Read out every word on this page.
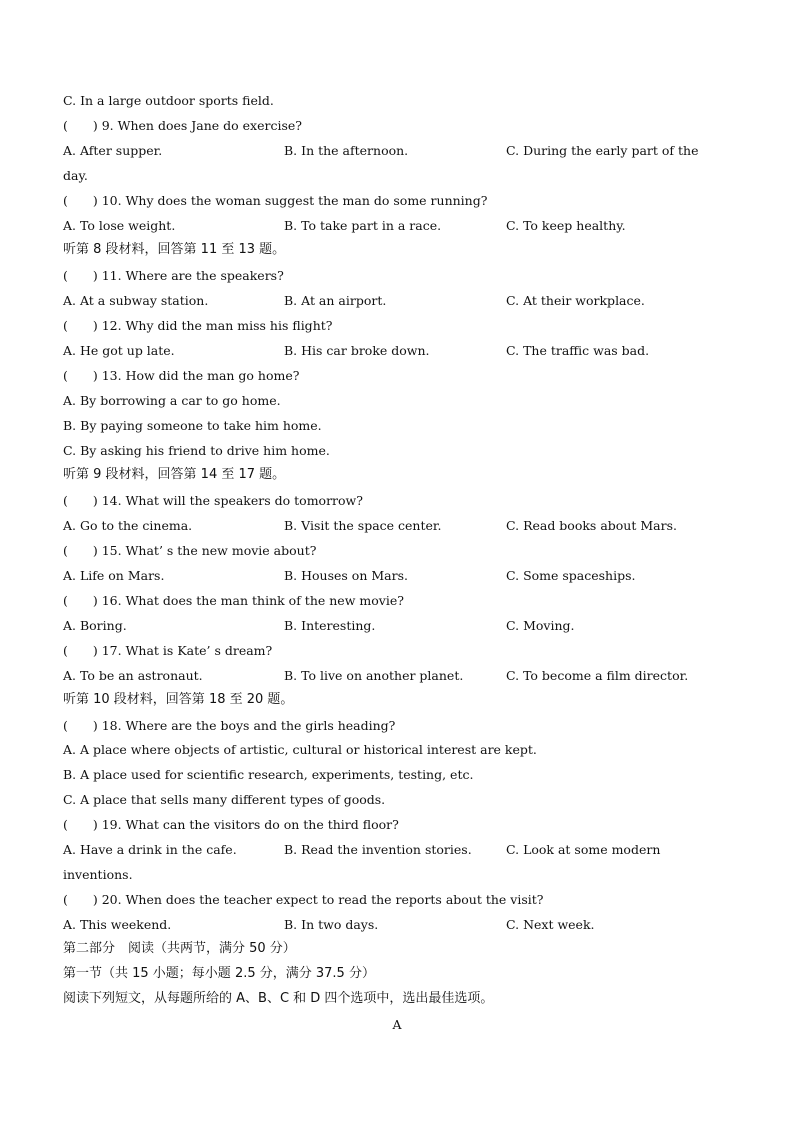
C. In a large outdoor sports field.
(　　) 9. When does Jane do exercise?
A. After supper.	B. In the afternoon.	C. During the early part of the
day.
(　　) 10. Why does the woman suggest the man do some running?
A. To lose weight.	B. To take part in a race.	C. To keep healthy.
听第 8 段材料，回答第 11 至 13 题。
(　　) 11. Where are the speakers?
A. At a subway station.	B. At an airport.	C. At their workplace.
(　　) 12. Why did the man miss his flight?
A. He got up late.	B. His car broke down.	C. The traffic was bad.
(　　) 13. How did the man go home?
A. By borrowing a car to go home.
B. By paying someone to take him home.
C. By asking his friend to drive him home.
听第 9 段材料，回答第 14 至 17 题。
(　　) 14. What will the speakers do tomorrow?
A. Go to the cinema.	B. Visit the space center.	C. Read books about Mars.
(　　) 15. What’ s the new movie about?
A. Life on Mars.	B. Houses on Mars.	C. Some spaceships.
(　　) 16. What does the man think of the new movie?
A. Boring.	B. Interesting.	C. Moving.
(　　) 17. What is Kate’ s dream?
A. To be an astronaut.	B. To live on another planet.	C. To become a film director.
听第 10 段材料，回答第 18 至 20 题。
(　　) 18. Where are the boys and the girls heading?
A. A place where objects of artistic, cultural or historical interest are kept.
B. A place used for scientific research, experiments, testing, etc.
C. A place that sells many different types of goods.
(　　) 19. What can the visitors do on the third floor?
A. Have a drink in the cafe.	B. Read the invention stories.	C. Look at some modern
inventions.
(　　) 20. When does the teacher expect to read the reports about the visit?
A. This weekend.	B. In two days.	C. Next week.
第二部分　阅读（共两节，满分 50 分）
第一节（共 15 小题；每小题 2.5 分，满分 37.5 分）
阅读下列短文，从每题所给的 A、B、C 和 D 四个选项中，选出最佳选项。
A
